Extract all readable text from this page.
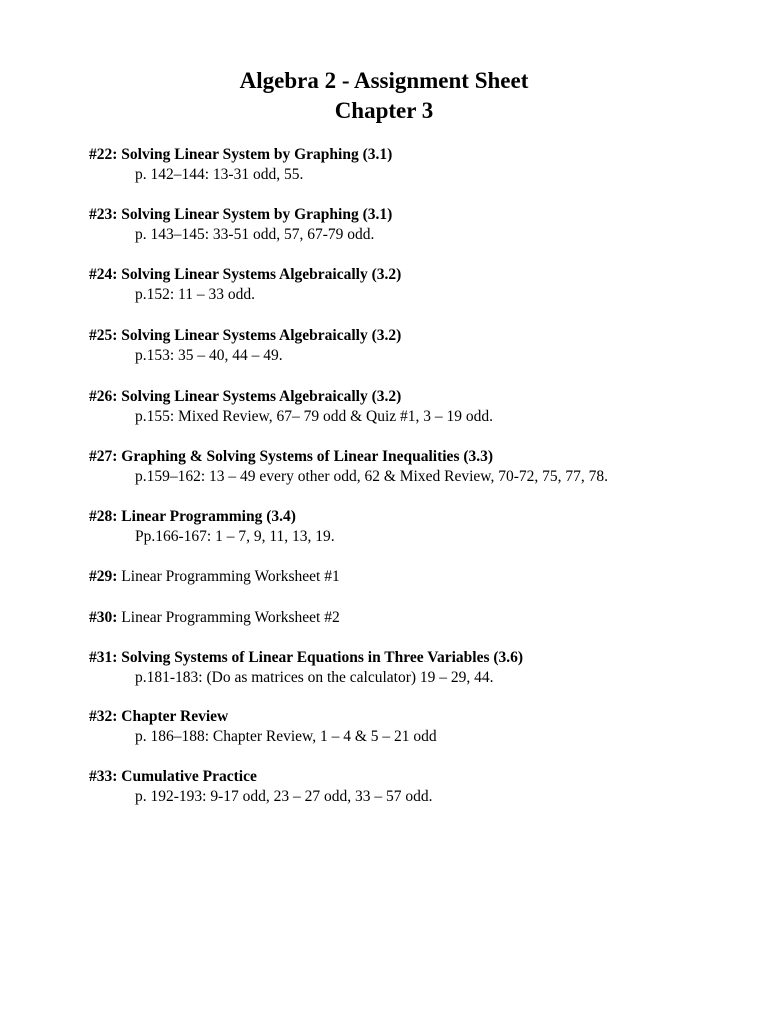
Algebra 2 - Assignment Sheet
Chapter 3
#22: Solving Linear System by Graphing (3.1)
p. 142–144: 13-31 odd, 55.
#23: Solving Linear System by Graphing (3.1)
p. 143–145: 33-51 odd, 57, 67-79 odd.
#24: Solving Linear Systems Algebraically (3.2)
p.152: 11 – 33 odd.
#25: Solving Linear Systems Algebraically (3.2)
p.153: 35 – 40, 44 – 49.
#26: Solving Linear Systems Algebraically (3.2)
p.155: Mixed Review, 67– 79 odd & Quiz #1, 3 – 19 odd.
#27: Graphing & Solving Systems of Linear Inequalities (3.3)
p.159–162: 13 – 49 every other odd, 62 & Mixed Review, 70-72, 75, 77, 78.
#28: Linear Programming (3.4)
Pp.166-167: 1 – 7, 9, 11, 13, 19.
#29: Linear Programming Worksheet #1
#30: Linear Programming Worksheet #2
#31: Solving Systems of Linear Equations in Three Variables (3.6)
p.181-183: (Do as matrices on the calculator) 19 – 29, 44.
#32: Chapter Review
p. 186–188: Chapter Review, 1 – 4 & 5 – 21 odd
#33: Cumulative Practice
p. 192-193: 9-17 odd, 23 – 27 odd, 33 – 57 odd.
